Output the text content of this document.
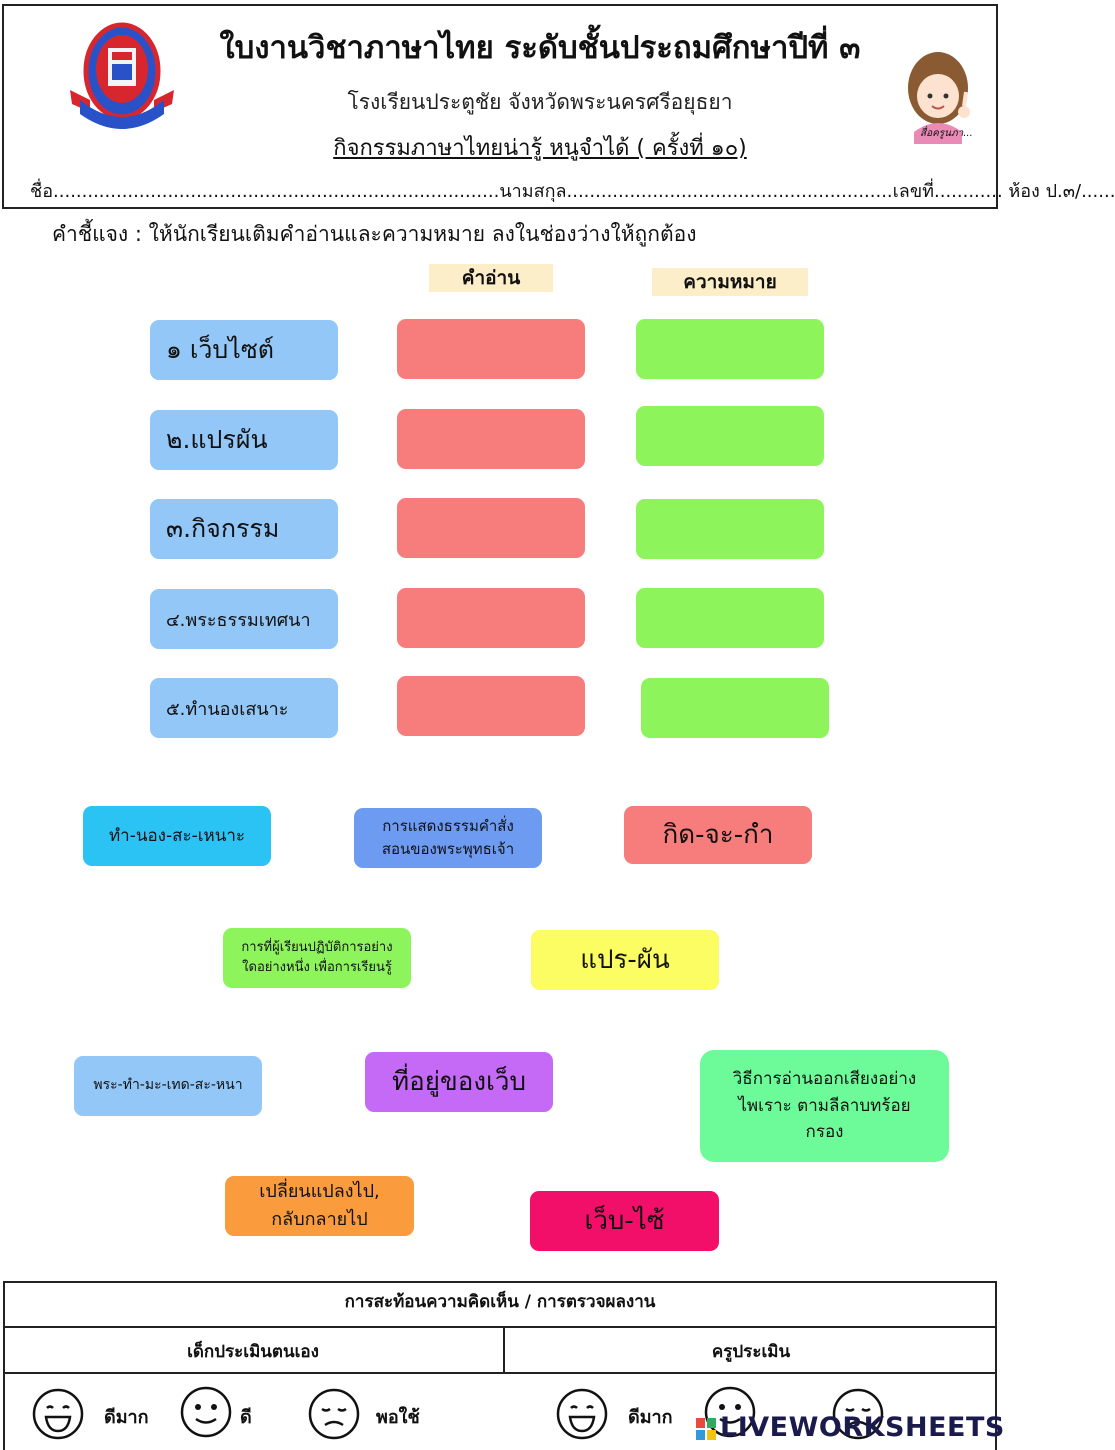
สื่อครูนภา...
ใบงานวิชาภาษาไทย ระดับชั้นประถมศึกษาปีที่ ๓
โรงเรียนประตูชัย จังหวัดพระนครศรีอยุธยา
กิจกรรมภาษาไทยน่ารู้ หนูจำได้ ( ครั้งที่ ๑๐)
ชื่อ..............................................................................นามสกุล.........................................................เลขที่............ ห้อง ป.๓/......
คำชี้แจง : ให้นักเรียนเติมคำอ่านและความหมาย ลงในช่องว่างให้ถูกต้อง
คำอ่าน	ความหมาย
๑ เว็บไซต์
๒.แปรผัน
๓.กิจกรรม
๔.พระธรรมเทศนา
๕.ทำนองเสนาะ
ทำ-นอง-สะ-เหนาะ
การแสดงธรรมคำสั่งสอนของพระพุทธเจ้า	กิด-จะ-กำ
การที่ผู้เรียนปฏิบัติการอย่างใดอย่างหนึ่ง เพื่อการเรียนรู้	แปร-ผัน
พระ-ทำ-มะ-เทด-สะ-หนา	ที่อยู่ของเว็บ	วิธีการอ่านออกเสียงอย่างไพเราะ ตามลีลาบทร้อยกรอง
เปลี่ยนแปลงไป, กลับกลายไป	เว็บ-ไซ้
การสะท้อนความคิดเห็น / การตรวจผลงาน
เด็กประเมินตนเอง	ครูประเมิน
ดีมาก	ดี	พอใช้	ดีมาก LIVEWORKSHEETS
